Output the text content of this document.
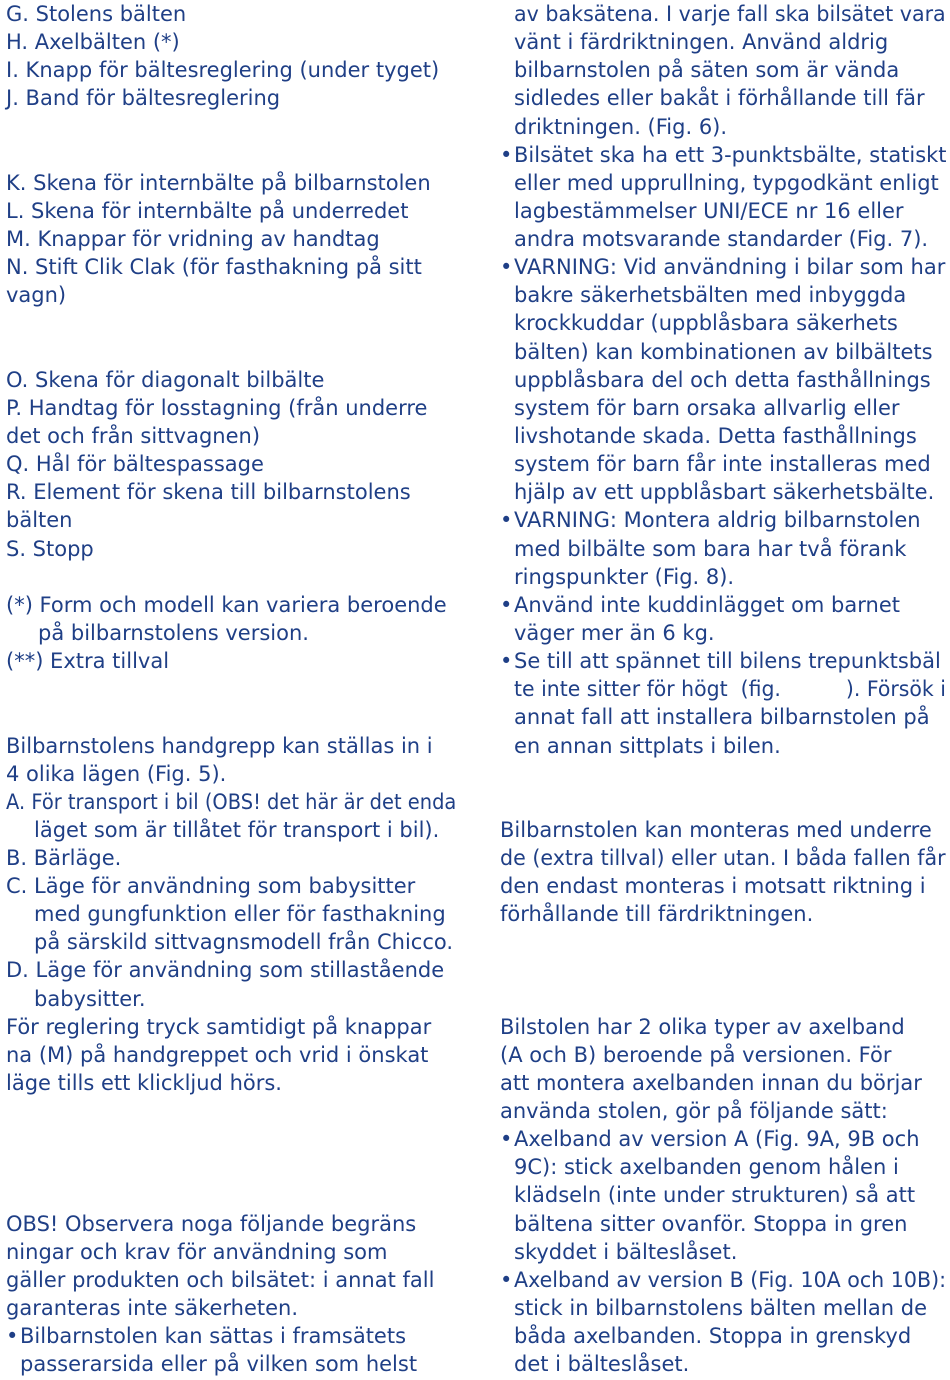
G. Stolens bälten
H. Axelbälten (*)
I. Knapp för bältesreglering (under tyget)
J. Band för bältesreglering
K. Skena för internbälte på bilbarnstolen
L. Skena för internbälte på underredet
M. Knappar för vridning av handtag
N. Stift Clik Clak (för fasthakning på sitt
vagn)
O. Skena för diagonalt bilbälte
P. Handtag för losstagning (från underre
det och från sittvagnen)
Q. Hål för bältespassage
R. Element för skena till bilbarnstolens
bälten
S. Stopp
(*) Form och modell kan variera beroende
på bilbarnstolens version.
(**) Extra tillval
Bilbarnstolens handgrepp kan ställas in i
4 olika lägen (Fig. 5).
A. För transport i bil (OBS! det här är det enda
läget som är tillåtet för transport i bil).
B. Bärläge.
C. Läge för användning som babysitter
med gungfunktion eller för fasthakning
på särskild sittvagnsmodell från Chicco.
D. Läge för användning som stillastående
babysitter.
För reglering tryck samtidigt på knappar
na (M) på handgreppet och vrid i önskat
läge tills ett klickljud hörs.
OBS! Observera noga följande begräns
ningar och krav för användning som
gäller produkten och bilsätet: i annat fall
garanteras inte säkerheten.
• Bilbarnstolen kan sättas i framsätets
passerarsida eller på vilken som helst
av baksätena. I varje fall ska bilsätet vara
vänt i färdriktningen. Använd aldrig
bilbarnstolen på säten som är vända
sidledes eller bakåt i förhållande till fär
driktningen. (Fig. 6).
• Bilsätet ska ha ett 3-punktsbälte, statiskt
eller med upprullning, typgodkänt enligt
lagbestämmelser UNI/ECE nr 16 eller
andra motsvarande standarder (Fig. 7).
• VARNING: Vid användning i bilar som har
bakre säkerhetsbälten med inbyggda
krockkuddar (uppblåsbara säkerhets
bälten) kan kombinationen av bilbältets
uppblåsbara del och detta fasthållnings
system för barn orsaka allvarlig eller
livshotande skada. Detta fasthållnings
system för barn får inte installeras med
hjälp av ett uppblåsbart säkerhetsbälte.
• VARNING: Montera aldrig bilbarnstolen
med bilbälte som bara har två förank
ringspunkter (Fig. 8).
• Använd inte kuddinlägget om barnet
väger mer än 6 kg.
• Se till att spännet till bilens trepunktsbäl
te inte sitter för högt  (fig.          ). Försök i
annat fall att installera bilbarnstolen på
en annan sittplats i bilen.
Bilbarnstolen kan monteras med underre
de (extra tillval) eller utan. I båda fallen får
den endast monteras i motsatt riktning i
förhållande till färdriktningen.
Bilstolen har 2 olika typer av axelband
(A och B) beroende på versionen. För
att montera axelbanden innan du börjar
använda stolen, gör på följande sätt:
• Axelband av version A (Fig. 9A, 9B och
9C): stick axelbanden genom hålen i
klädseln (inte under strukturen) så att
bältena sitter ovanför. Stoppa in gren
skyddet i bälteslåset.
• Axelband av version B (Fig. 10A och 10B):
stick in bilbarnstolens bälten mellan de
båda axelbanden. Stoppa in grenskyd
det i bälteslåset.
